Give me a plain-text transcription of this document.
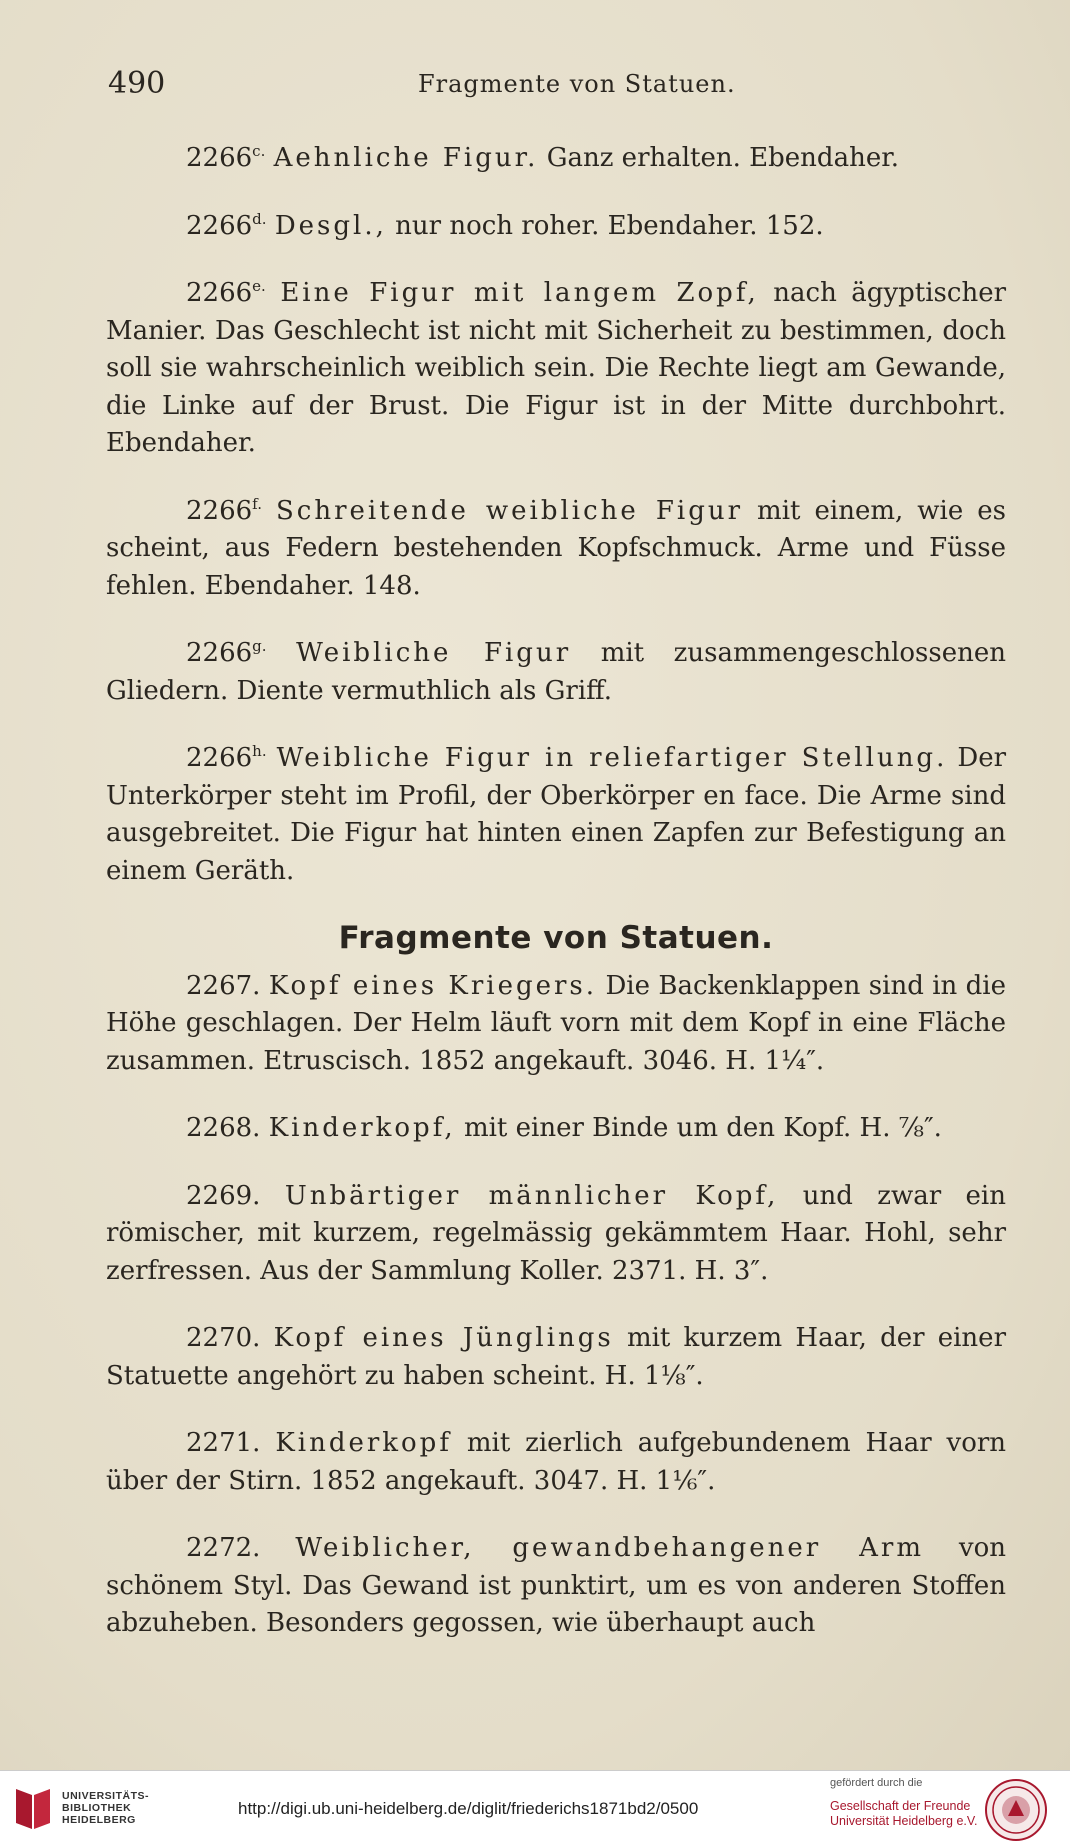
490	Fragmente von Statuen.

$2266^{c.}$ Aehnliche Figur. Ganz erhalten. Ebendaher.

$2266^{d.}$ Desgl., nur noch roher. Ebendaher. 152.

$2266^{e.}$ Eine Figur mit langem Zopf, nach ägyptischer Manier. Das Geschlecht ist nicht mit Sicherheit zu bestimmen, doch soll sie wahrscheinlich weiblich sein. Die Rechte liegt am Gewande, die Linke auf der Brust. Die Figur ist in der Mitte durchbohrt. Ebendaher.

$2266^{f.}$ Schreitende weibliche Figur mit einem, wie es scheint, aus Federn bestehenden Kopfschmuck. Arme und Füsse fehlen. Ebendaher. 148.

$2266^{g.}$ Weibliche Figur mit zusammengeschlossenen Gliedern. Diente vermuthlich als Griff.

$2266^{h.}$ Weibliche Figur in reliefartiger Stellung. Der Unterkörper steht im Profil, der Oberkörper en face. Die Arme sind ausgebreitet. Die Figur hat hinten einen Zapfen zur Befestigung an einem Geräth.

Fragmente von Statuen.

2267. Kopf eines Kriegers. Die Backenklappen sind in die Höhe geschlagen. Der Helm läuft vorn mit dem Kopf in eine Fläche zusammen. Etruscisch. 1852 angekauft. 3046. H. 1¼″.

2268. Kinderkopf, mit einer Binde um den Kopf. H. ⅞″.

2269. Unbärtiger männlicher Kopf, und zwar ein römischer, mit kurzem, regelmässig gekämmtem Haar. Hohl, sehr zerfressen. Aus der Sammlung Koller. 2371. H. 3″.

2270. Kopf eines Jünglings mit kurzem Haar, der einer Statuette angehört zu haben scheint. H. 1⅛″.

2271. Kinderkopf mit zierlich aufgebundenem Haar vorn über der Stirn. 1852 angekauft. 3047. H. 1⅙″.

2272. Weiblicher, gewandbehangener Arm von schönem Styl. Das Gewand ist punktirt, um es von anderen Stoffen abzuheben. Besonders gegossen, wie überhaupt auch

UNIVERSITÄTS-
BIBLIOTHEK
HEIDELBERG
http://digi.ub.uni-heidelberg.de/diglit/friederichs1871bd2/0500
gefördert durch die
Gesellschaft der Freunde
Universität Heidelberg e.V.
